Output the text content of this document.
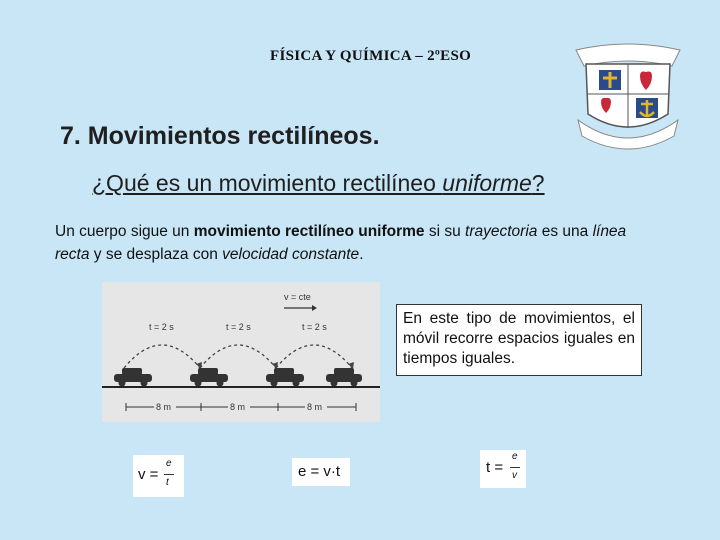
FÍSICA Y QUÍMICA – 2ºESO
7. Movimientos rectilíneos.
¿Qué es un movimiento rectilíneo uniforme?
Un cuerpo sigue un movimiento rectilíneo uniforme si su trayectoria es una línea recta y se desplaza con velocidad constante.
v = cte
t = 2 s	t = 2 s	t = 2 s
8 m	8 m	8 m
En este tipo de movimientos, el móvil recorre espacios iguales en tiempos iguales.
v =
e
t
e = v·t	t =
e
v
